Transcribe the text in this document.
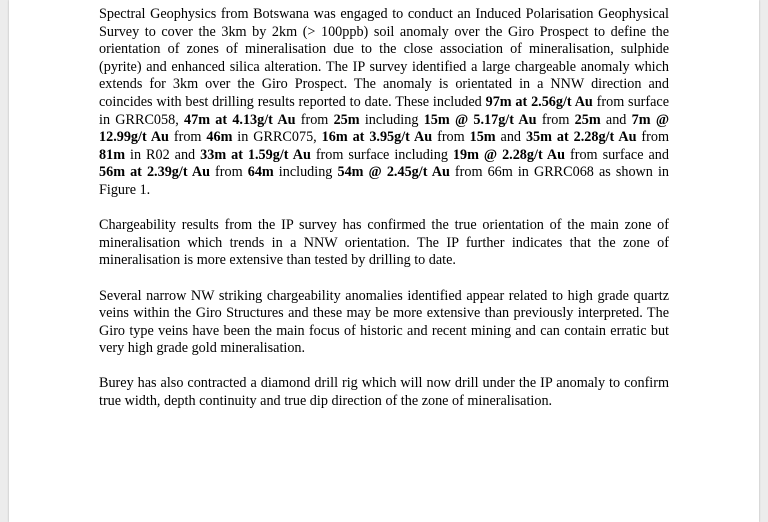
Spectral Geophysics from Botswana was engaged to conduct an Induced Polarisation Geophysical Survey to cover the 3km by 2km (> 100ppb) soil anomaly over the Giro Prospect to define the orientation of zones of mineralisation due to the close association of mineralisation, sulphide (pyrite) and enhanced silica alteration. The IP survey identified a large chargeable anomaly which extends for 3km over the Giro Prospect. The anomaly is orientated in a NNW direction and coincides with best drilling results reported to date. These included 97m at 2.56g/t Au from surface in GRRC058, 47m at 4.13g/t Au from 25m including 15m @ 5.17g/t Au from 25m and 7m @ 12.99g/t Au from 46m in GRRC075, 16m at 3.95g/t Au from 15m and 35m at 2.28g/t Au from 81m in R02 and 33m at 1.59g/t Au from surface including 19m @ 2.28g/t Au from surface and 56m at 2.39g/t Au from 64m including 54m @ 2.45g/t Au from 66m in GRRC068 as shown in Figure 1.

Chargeability results from the IP survey has confirmed the true orientation of the main zone of mineralisation which trends in a NNW orientation. The IP further indicates that the zone of mineralisation is more extensive than tested by drilling to date.

Several narrow NW striking chargeability anomalies identified appear related to high grade quartz veins within the Giro Structures and these may be more extensive than previously interpreted. The Giro type veins have been the main focus of historic and recent mining and can contain erratic but very high grade gold mineralisation.

Burey has also contracted a diamond drill rig which will now drill under the IP anomaly to confirm true width, depth continuity and true dip direction of the zone of mineralisation.
